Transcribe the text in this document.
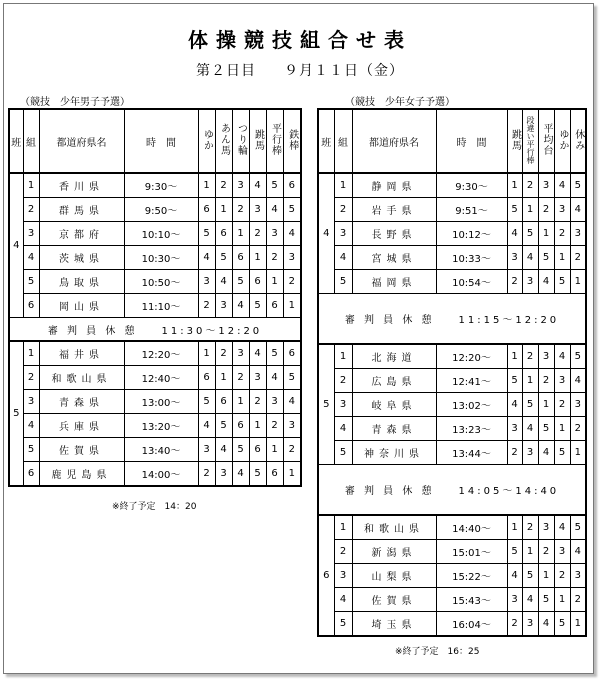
体操競技組合せ表
第２日目 ９月１１日（金）
（競技　少年男子予選）
班	組	都道府県名	時　間	ゆか	あん馬	つり輪	跳馬	平行棒	鉄棒
4	1	香川県	9:30〜	1	2	3	4	5	6
	2	群馬県	9:50〜	6	1	2	3	4	5
	3	京都府	10:10〜	5	6	1	2	3	4
	4	茨城県	10:30〜	4	5	6	1	2	3
	5	鳥取県	10:50〜	3	4	5	6	1	2
	6	岡山県	11:10〜	2	3	4	5	6	1
審 判 員 休 憩 11:30〜12:20									
5	1	福井県	12:20〜	1	2	3	4	5	6
	2	和歌山県	12:40〜	6	1	2	3	4	5
	3	青森県	13:00〜	5	6	1	2	3	4
	4	兵庫県	13:20〜	4	5	6	1	2	3
	5	佐賀県	13:40〜	3	4	5	6	1	2
	6	鹿児島県	14:00〜	2	3	4	5	6	1
※終了予定　14：20
（競技　少年女子予選）
班	組	都道府県名	時　間	跳馬	段違い平行棒	平均台	ゆか	休み
4	1	静岡県	9:30〜	1	2	3	4	5
	2	岩手県	9:51〜	5	1	2	3	4
	3	長野県	10:12〜	4	5	1	2	3
	4	宮城県	10:33〜	3	4	5	1	2
	5	福岡県	10:54〜	2	3	4	5	1
審 判 員 休 憩 11:15〜12:20								
5	1	北海道	12:20〜	1	2	3	4	5
	2	広島県	12:41〜	5	1	2	3	4
	3	岐阜県	13:02〜	4	5	1	2	3
	4	青森県	13:23〜	3	4	5	1	2
	5	神奈川県	13:44〜	2	3	4	5	1
審 判 員 休 憩 14:05〜14:40								
6	1	和歌山県	14:40〜	1	2	3	4	5
	2	新潟県	15:01〜	5	1	2	3	4
	3	山梨県	15:22〜	4	5	1	2	3
	4	佐賀県	15:43〜	3	4	5	1	2
	5	埼玉県	16:04〜	2	3	4	5	1
※終了予定　16：25
